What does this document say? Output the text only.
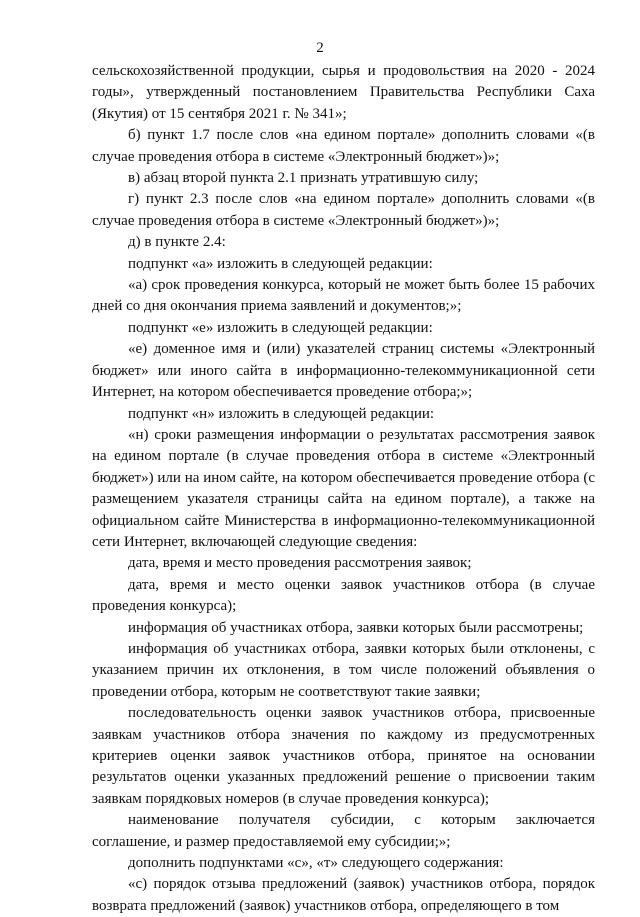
2

сельскохозяйственной продукции, сырья и продовольствия на 2020 - 2024 годы», утвержденный постановлением Правительства Республики Саха (Якутия) от 15 сентября 2021 г. № 341»;

б) пункт 1.7 после слов «на едином портале» дополнить словами «(в случае проведения отбора в системе «Электронный бюджет»)»;

в) абзац второй пункта 2.1 признать утратившую силу;

г) пункт 2.3 после слов «на едином портале» дополнить словами «(в случае проведения отбора в системе «Электронный бюджет»)»;

д) в пункте 2.4:

подпункт «а» изложить в следующей редакции:

«а) срок проведения конкурса, который не может быть более 15 рабочих дней со дня окончания приема заявлений и документов;»;

подпункт «е» изложить в следующей редакции:

«е) доменное имя и (или) указателей страниц системы «Электронный бюджет» или иного сайта в информационно-телекоммуникационной сети Интернет, на котором обеспечивается проведение отбора;»;

подпункт «н» изложить в следующей редакции:

«н) сроки размещения информации о результатах рассмотрения заявок на едином портале (в случае проведения отбора в системе «Электронный бюджет») или на ином сайте, на котором обеспечивается проведение отбора (с размещением указателя страницы сайта на едином портале), а также на официальном сайте Министерства в информационно-телекоммуникационной сети Интернет, включающей следующие сведения:

дата, время и место проведения рассмотрения заявок;

дата, время и место оценки заявок участников отбора (в случае проведения конкурса);

информация об участниках отбора, заявки которых были рассмотрены;

информация об участниках отбора, заявки которых были отклонены, с указанием причин их отклонения, в том числе положений объявления о проведении отбора, которым не соответствуют такие заявки;

последовательность оценки заявок участников отбора, присвоенные заявкам участников отбора значения по каждому из предусмотренных критериев оценки заявок участников отбора, принятое на основании результатов оценки указанных предложений решение о присвоении таким заявкам порядковых номеров (в случае проведения конкурса);

наименование получателя субсидии, с которым заключается соглашение, и размер предоставляемой ему субсидии;»;

дополнить подпунктами «с», «т» следующего содержания:

«с) порядок отзыва предложений (заявок) участников отбора, порядок возврата предложений (заявок) участников отбора, определяющего в том
